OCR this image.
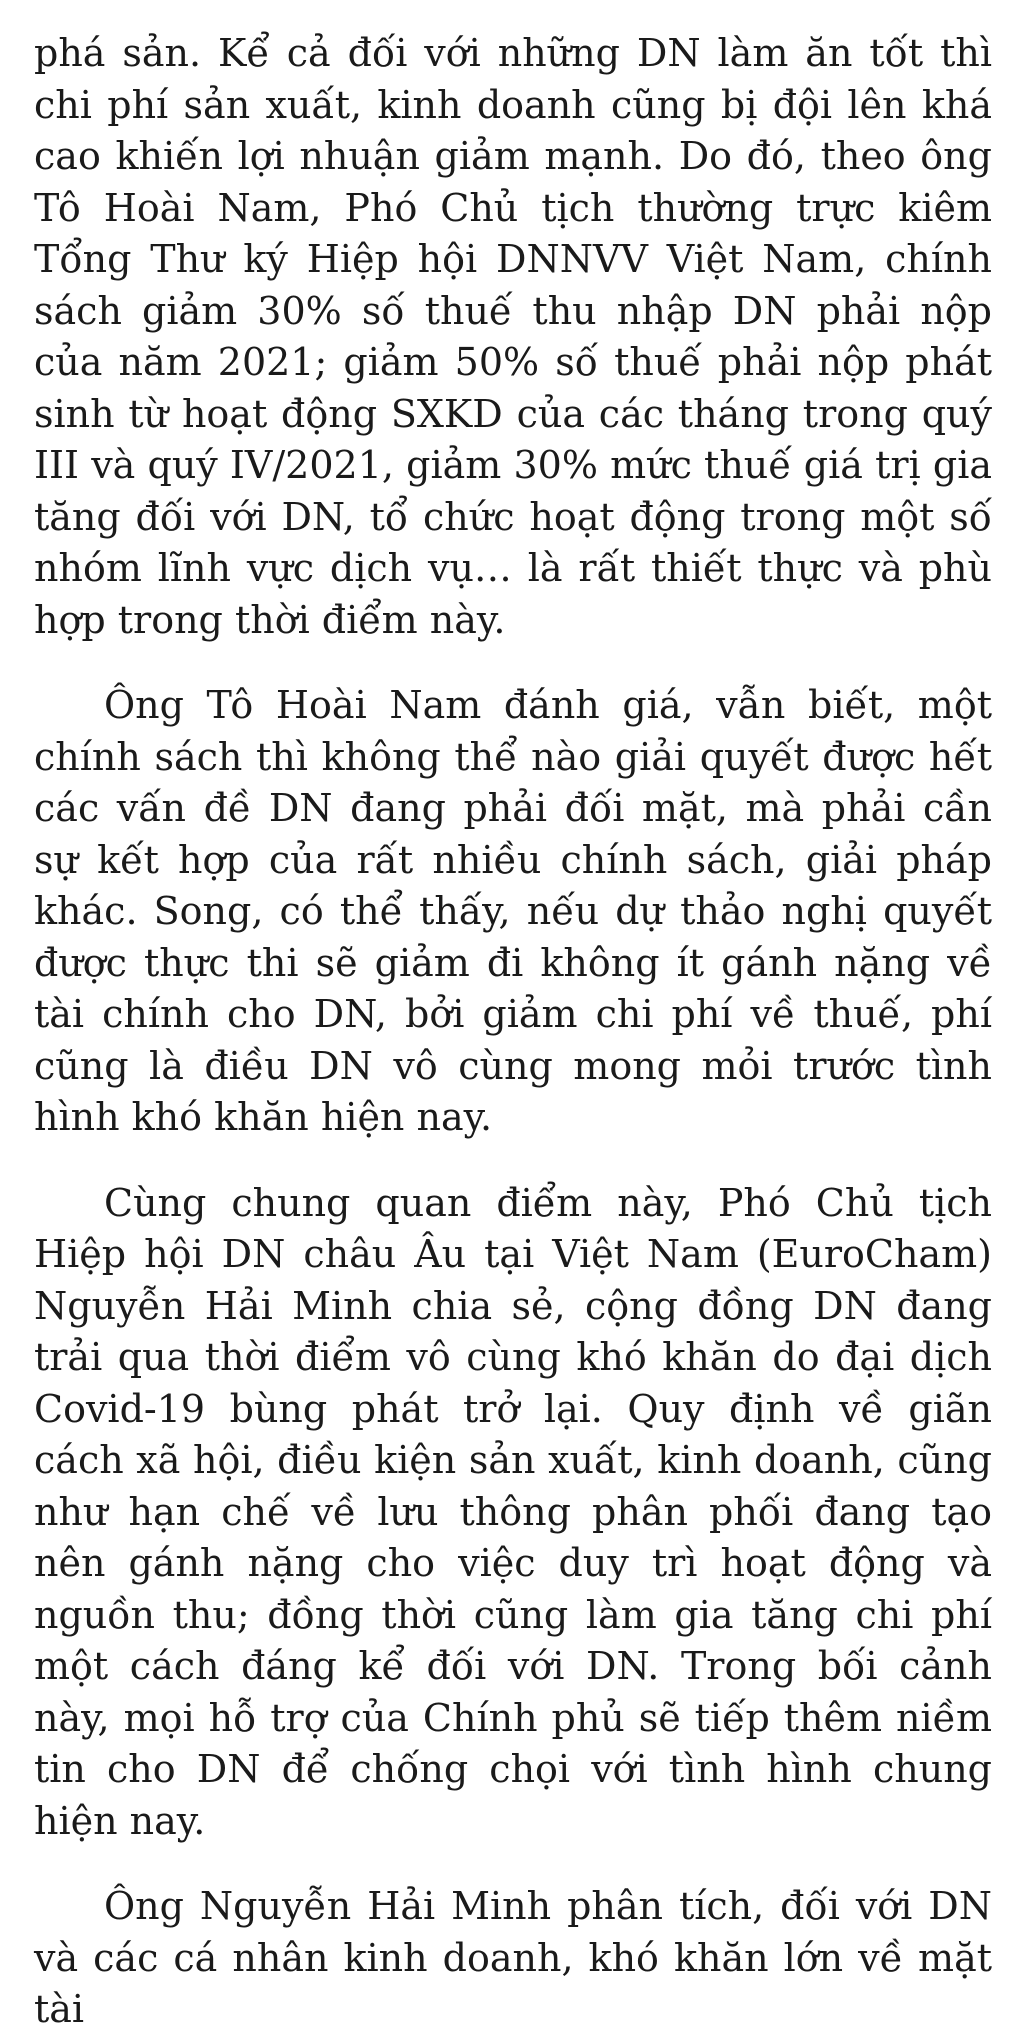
phá sản. Kể cả đối với những DN làm ăn tốt thì chi phí sản xuất, kinh doanh cũng bị đội lên khá cao khiến lợi nhuận giảm mạnh. Do đó, theo ông Tô Hoài Nam, Phó Chủ tịch thường trực kiêm Tổng Thư ký Hiệp hội DNNVV Việt Nam, chính sách giảm 30% số thuế thu nhập DN phải nộp của năm 2021; giảm 50% số thuế phải nộp phát sinh từ hoạt động SXKD của các tháng trong quý III và quý IV/2021, giảm 30% mức thuế giá trị gia tăng đối với DN, tổ chức hoạt động trong một số nhóm lĩnh vực dịch vụ… là rất thiết thực và phù hợp trong thời điểm này.

Ông Tô Hoài Nam đánh giá, vẫn biết, một chính sách thì không thể nào giải quyết được hết các vấn đề DN đang phải đối mặt, mà phải cần sự kết hợp của rất nhiều chính sách, giải pháp khác. Song, có thể thấy, nếu dự thảo nghị quyết được thực thi sẽ giảm đi không ít gánh nặng về tài chính cho DN, bởi giảm chi phí về thuế, phí cũng là điều DN vô cùng mong mỏi trước tình hình khó khăn hiện nay.

Cùng chung quan điểm này, Phó Chủ tịch Hiệp hội DN châu Âu tại Việt Nam (EuroCham) Nguyễn Hải Minh chia sẻ, cộng đồng DN đang trải qua thời điểm vô cùng khó khăn do đại dịch Covid-19 bùng phát trở lại. Quy định về giãn cách xã hội, điều kiện sản xuất, kinh doanh, cũng như hạn chế về lưu thông phân phối đang tạo nên gánh nặng cho việc duy trì hoạt động và nguồn thu; đồng thời cũng làm gia tăng chi phí một cách đáng kể đối với DN. Trong bối cảnh này, mọi hỗ trợ của Chính phủ sẽ tiếp thêm niềm tin cho DN để chống chọi với tình hình chung hiện nay.

Ông Nguyễn Hải Minh phân tích, đối với DN và các cá nhân kinh doanh, khó khăn lớn về mặt tài
